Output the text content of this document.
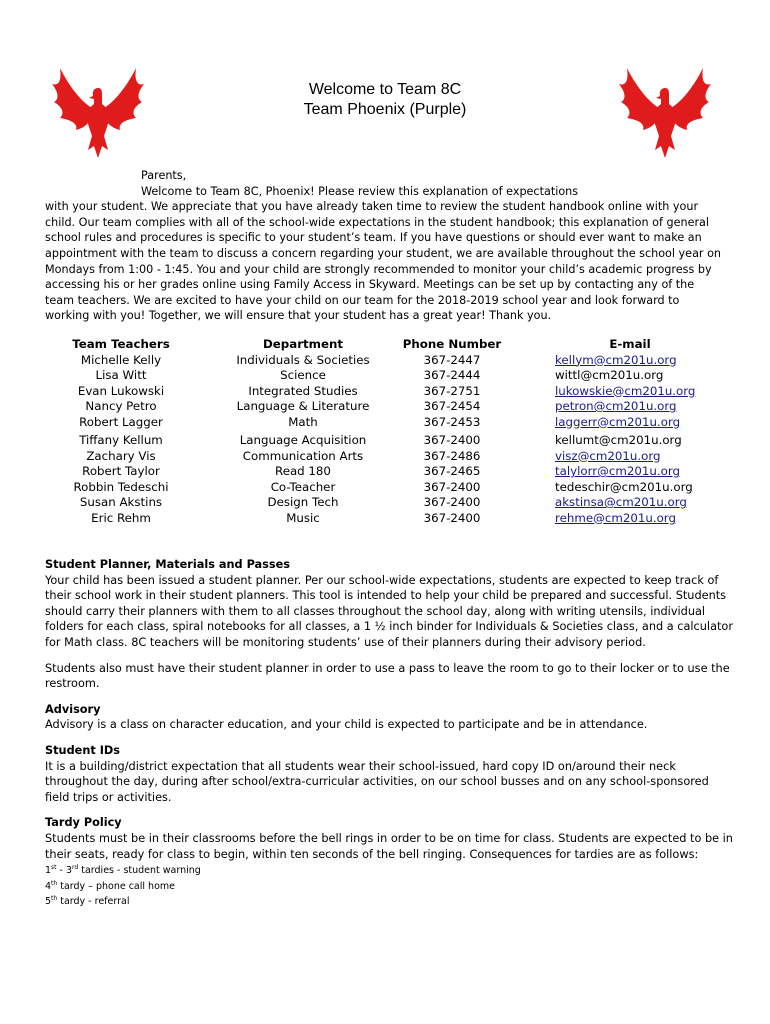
Welcome to Team 8C
Team Phoenix (Purple)
Parents,
Welcome to Team 8C, Phoenix! Please review this explanation of expectations

with your student. We appreciate that you have already taken time to review the student handbook online with your child. Our team complies with all of the school-wide expectations in the student handbook; this explanation of general school rules and procedures is specific to your student’s team. If you have questions or should ever want to make an appointment with the team to discuss a concern regarding your student, we are available throughout the school year on Mondays from 1:00 - 1:45. You and your child are strongly recommended to monitor your child’s academic progress by accessing his or her grades online using Family Access in Skyward. Meetings can be set up by contacting any of the team teachers. We are excited to have your child on our team for the 2018-2019 school year and look forward to working with you! Together, we will ensure that your student has a great year! Thank you.

Team Teachers	Department	Phone Number	E-mail
Michelle Kelly	Individuals & Societies	367-2447	kellym@cm201u.org
Lisa Witt	Science	367-2444	wittl@cm201u.org
Evan Lukowski	Integrated Studies	367-2751	lukowskie@cm201u.org
Nancy Petro	Language & Literature	367-2454	petron@cm201u.org
Robert Lagger	Math	367-2453	laggerr@cm201u.org
Tiffany Kellum	Language Acquisition	367-2400	kellumt@cm201u.org
Zachary Vis	Communication Arts	367-2486	visz@cm201u.org
Robert Taylor	Read 180	367-2465	talylorr@cm201u.org
Robbin Tedeschi	Co-Teacher	367-2400	tedeschir@cm201u.org
Susan Akstins	Design Tech	367-2400	akstinsa@cm201u.org
Eric Rehm	Music	367-2400	rehme@cm201u.org
Student Planner, Materials and Passes

Your child has been issued a student planner. Per our school-wide expectations, students are expected to keep track of their school work in their student planners. This tool is intended to help your child be prepared and successful. Students should carry their planners with them to all classes throughout the school day, along with writing utensils, individual folders for each class, spiral notebooks for all classes, a 1 ½ inch binder for Individuals & Societies class, and a calculator for Math class. 8C teachers will be monitoring students’ use of their planners during their advisory period.

Students also must have their student planner in order to use a pass to leave the room to go to their locker or to use the restroom.

Advisory

Advisory is a class on character education, and your child is expected to participate and be in attendance.

Student IDs

It is a building/district expectation that all students wear their school-issued, hard copy ID on/around their neck throughout the day, during after school/extra-curricular activities, on our school busses and on any school-sponsored field trips or activities.

Tardy Policy

Students must be in their classrooms before the bell rings in order to be on time for class. Students are expected to be in their seats, ready for class to begin, within ten seconds of the bell ringing. Consequences for tardies are as follows:

1st - 3rd tardies - student warning
4th tardy – phone call home
5th tardy - referral
